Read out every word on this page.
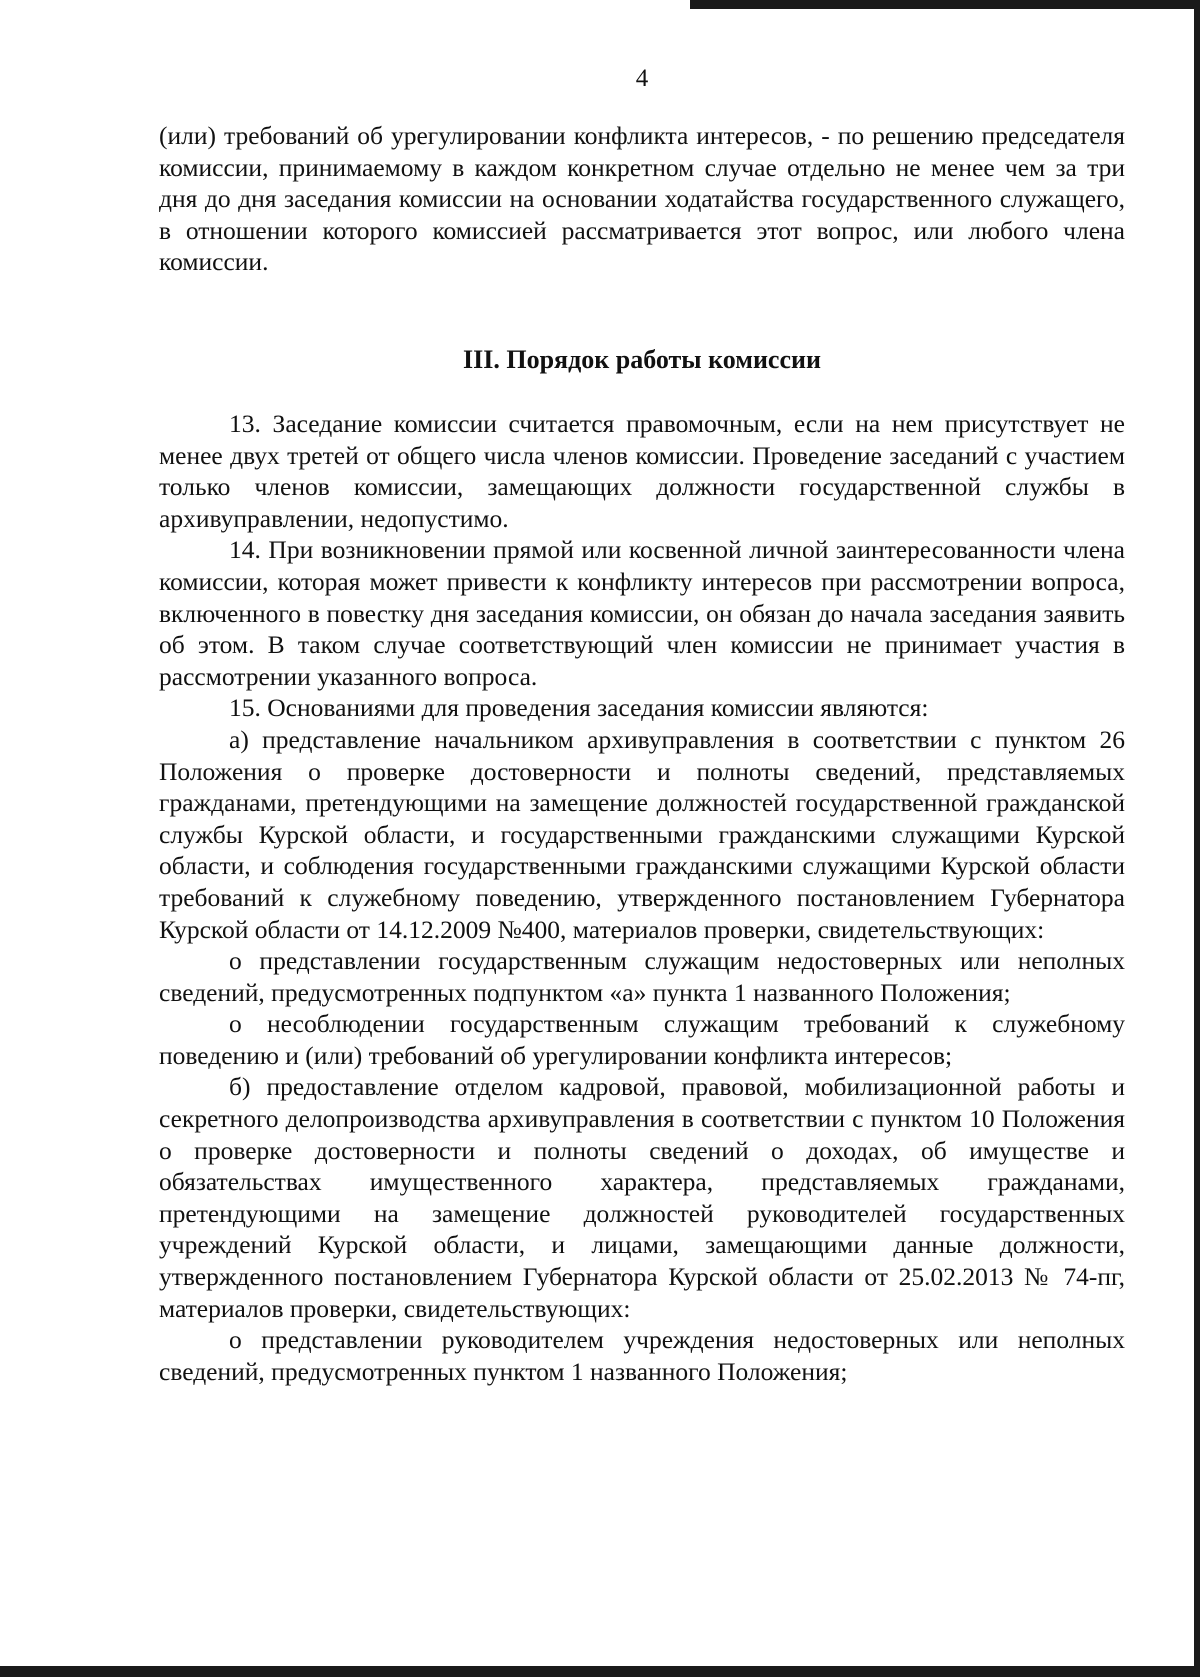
4

(или) требований об урегулировании конфликта интересов, - по решению председателя комиссии, принимаемому в каждом конкретном случае отдельно не менее чем за три дня до дня заседания комиссии на основании ходатайства государственного служащего, в отношении которого комиссией рассматривается этот вопрос, или любого члена комиссии.

III. Порядок работы комиссии

13. Заседание комиссии считается правомочным, если на нем присутствует не менее двух третей от общего числа членов комиссии. Проведение заседаний с участием только членов комиссии, замещающих должности государственной службы в архивуправлении, недопустимо.

14. При возникновении прямой или косвенной личной заинтересованности члена комиссии, которая может привести к конфликту интересов при рассмотрении вопроса, включенного в повестку дня заседания комиссии, он обязан до начала заседания заявить об этом. В таком случае соответствующий член комиссии не принимает участия в рассмотрении указанного вопроса.

15. Основаниями для проведения заседания комиссии являются:

а) представление начальником архивуправления в соответствии с пунктом 26 Положения о проверке достоверности и полноты сведений, представляемых гражданами, претендующими на замещение должностей государственной гражданской службы Курской области, и государственными гражданскими служащими Курской области, и соблюдения государственными гражданскими служащими Курской области требований к служебному поведению, утвержденного постановлением Губернатора Курской области от 14.12.2009 №400, материалов проверки, свидетельствующих:

о представлении государственным служащим недостоверных или неполных сведений, предусмотренных подпунктом «а» пункта 1 названного Положения;

о несоблюдении государственным служащим требований к служебному поведению и (или) требований об урегулировании конфликта интересов;

б) предоставление отделом кадровой, правовой, мобилизационной работы и секретного делопроизводства архивуправления в соответствии с пунктом 10 Положения о проверке достоверности и полноты сведений о доходах, об имуществе и обязательствах имущественного характера, представляемых гражданами, претендующими на замещение должностей руководителей государственных учреждений Курской области, и лицами, замещающими данные должности, утвержденного постановлением Губернатора Курской области от 25.02.2013 № 74-пг, материалов проверки, свидетельствующих:

о представлении руководителем учреждения недостоверных или неполных сведений, предусмотренных пунктом 1 названного Положения;
